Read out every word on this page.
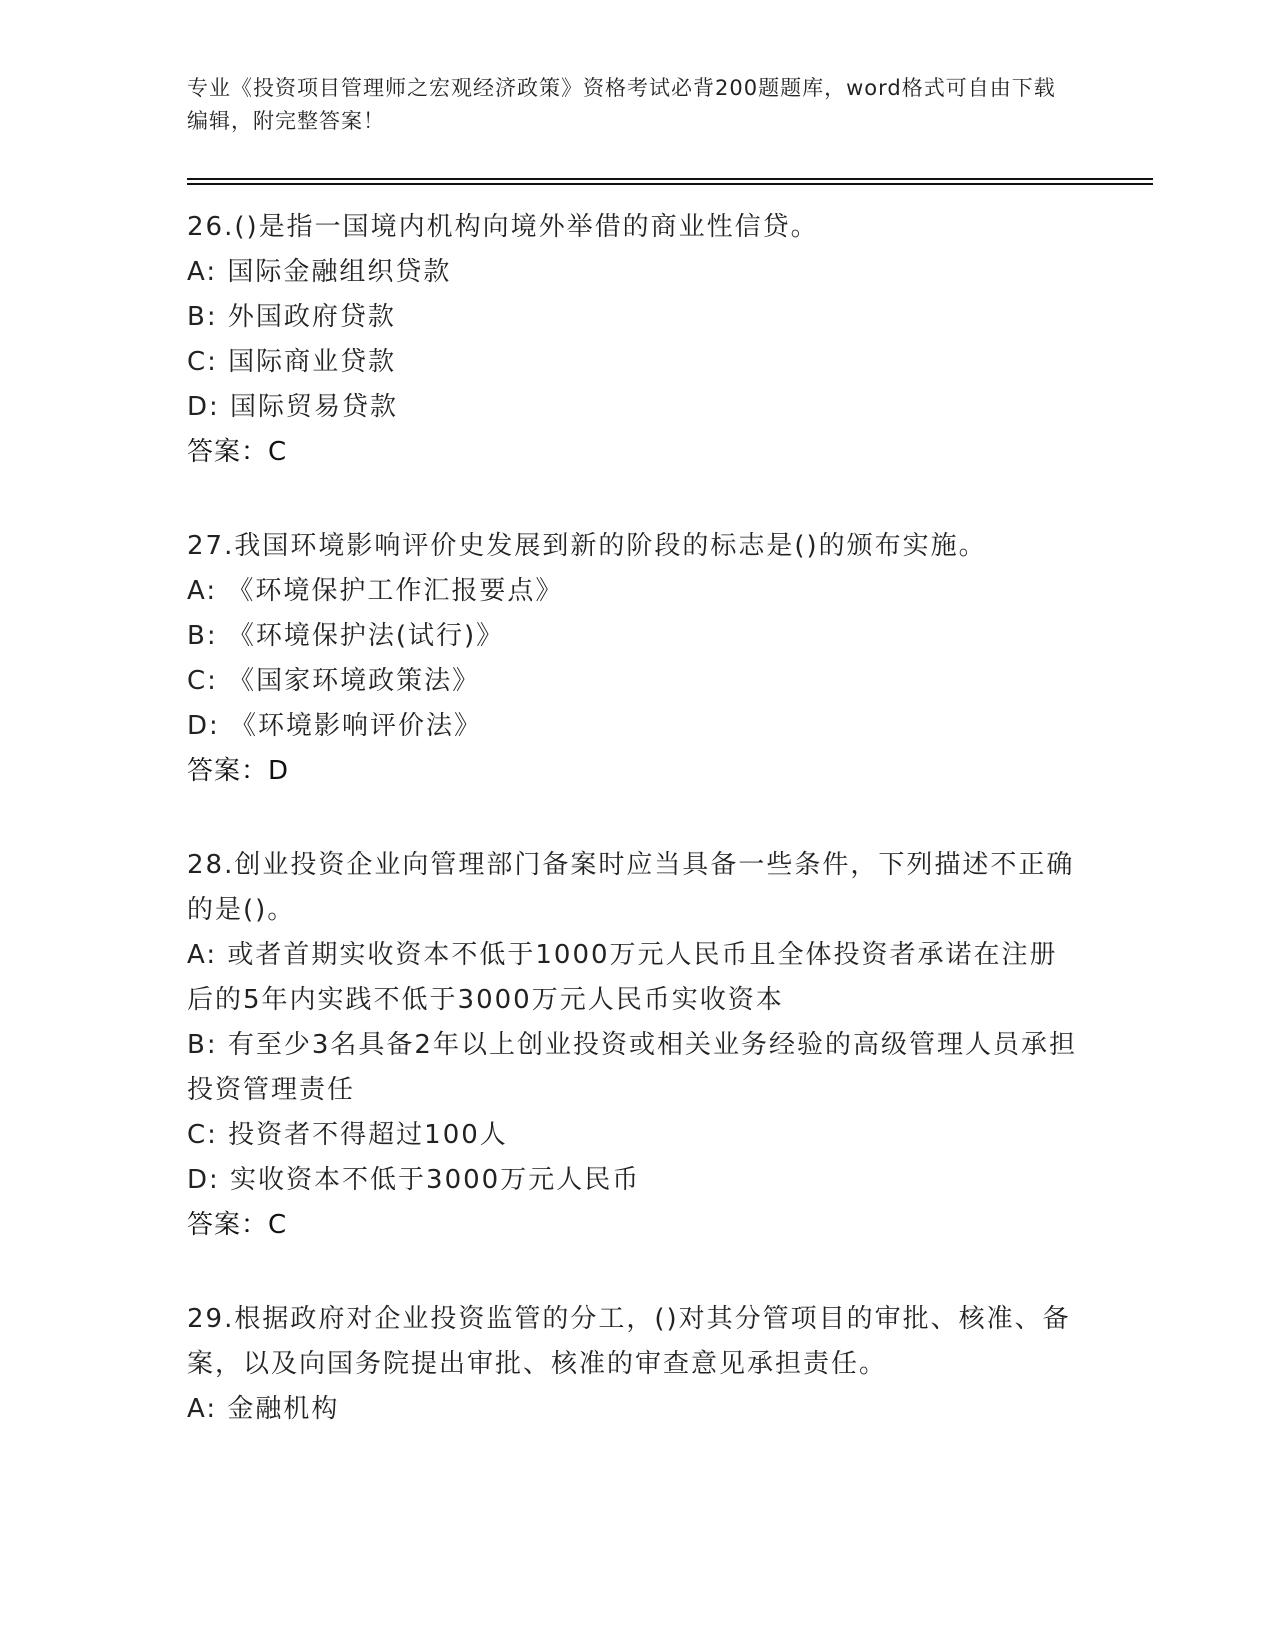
专业《投资项目管理师之宏观经济政策》资格考试必背200题题库，word格式可自由下载编辑，附完整答案！
26.()是指一国境内机构向境外举借的商业性信贷。
A: 国际金融组织贷款
B: 外国政府贷款
C: 国际商业贷款
D: 国际贸易贷款
答案：C
27.我国环境影响评价史发展到新的阶段的标志是()的颁布实施。
A: 《环境保护工作汇报要点》
B: 《环境保护法(试行)》
C: 《国家环境政策法》
D: 《环境影响评价法》
答案：D
28.创业投资企业向管理部门备案时应当具备一些条件，下列描述不正确的是()。
A: 或者首期实收资本不低于1000万元人民币且全体投资者承诺在注册后的5年内实践不低于3000万元人民币实收资本
B: 有至少3名具备2年以上创业投资或相关业务经验的高级管理人员承担投资管理责任
C: 投资者不得超过100人
D: 实收资本不低于3000万元人民币
答案：C
29.根据政府对企业投资监管的分工，()对其分管项目的审批、核准、备案，以及向国务院提出审批、核准的审查意见承担责任。
A: 金融机构
